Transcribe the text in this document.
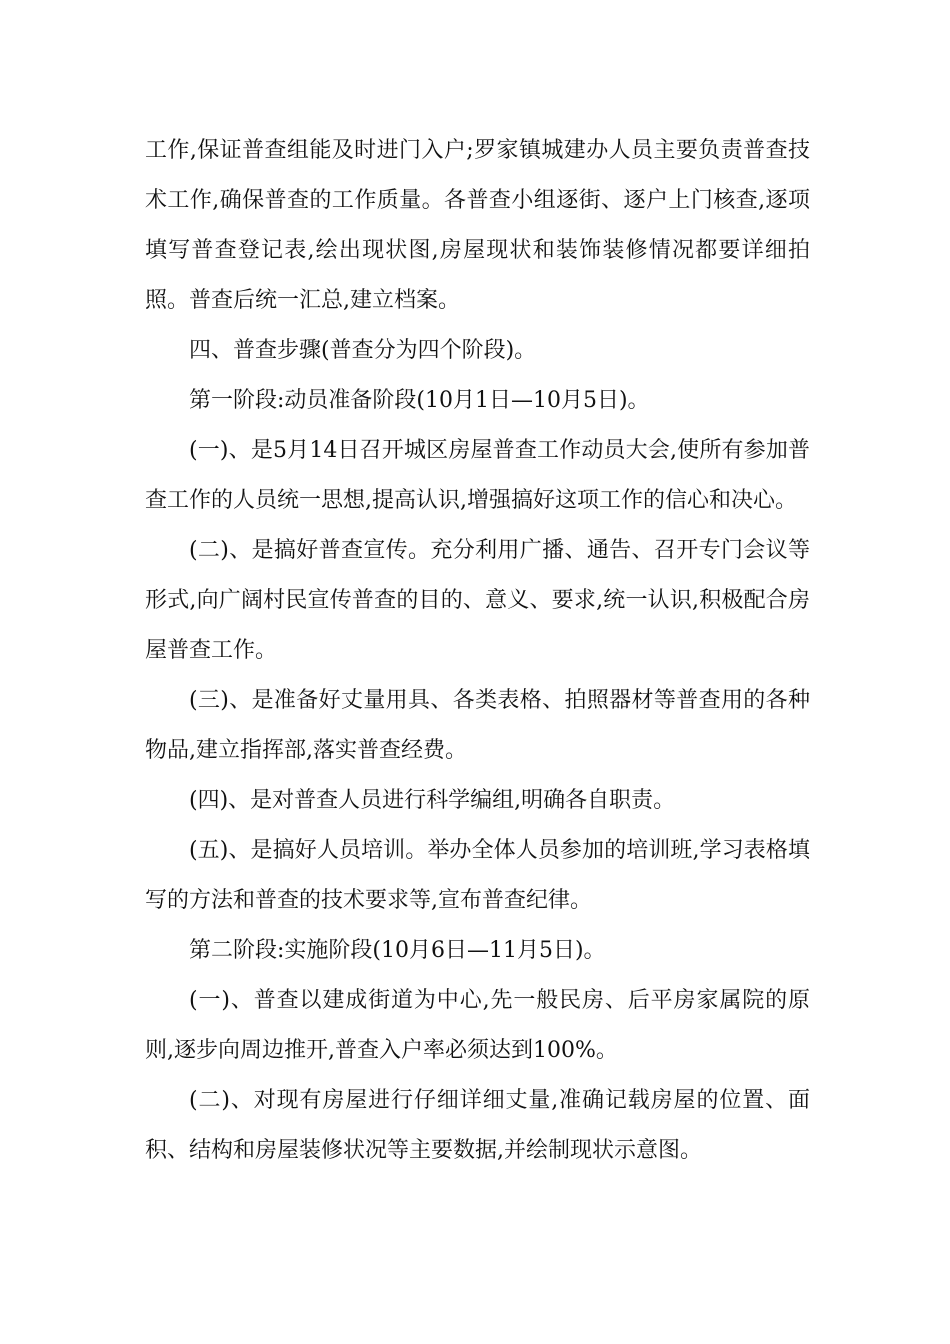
工作,保证普查组能及时进门入户;罗家镇城建办人员主要负责普查技术工作,确保普查的工作质量。各普查小组逐街、逐户上门核查,逐项填写普查登记表,绘出现状图,房屋现状和装饰装修情况都要详细拍照。普查后统一汇总,建立档案。

四、普查步骤(普查分为四个阶段)。

第一阶段:动员准备阶段(10月1日—10月5日)。

(一)、是5月14日召开城区房屋普查工作动员大会,使所有参加普查工作的人员统一思想,提高认识,增强搞好这项工作的信心和决心。

(二)、是搞好普查宣传。充分利用广播、通告、召开专门会议等形式,向广阔村民宣传普查的目的、意义、要求,统一认识,积极配合房屋普查工作。

(三)、是准备好丈量用具、各类表格、拍照器材等普查用的各种物品,建立指挥部,落实普查经费。

(四)、是对普查人员进行科学编组,明确各自职责。

(五)、是搞好人员培训。举办全体人员参加的培训班,学习表格填写的方法和普查的技术要求等,宣布普查纪律。

第二阶段:实施阶段(10月6日—11月5日)。

(一)、普查以建成街道为中心,先一般民房、后平房家属院的原则,逐步向周边推开,普查入户率必须达到100%。

(二)、对现有房屋进行仔细详细丈量,准确记载房屋的位置、面积、结构和房屋装修状况等主要数据,并绘制现状示意图。
